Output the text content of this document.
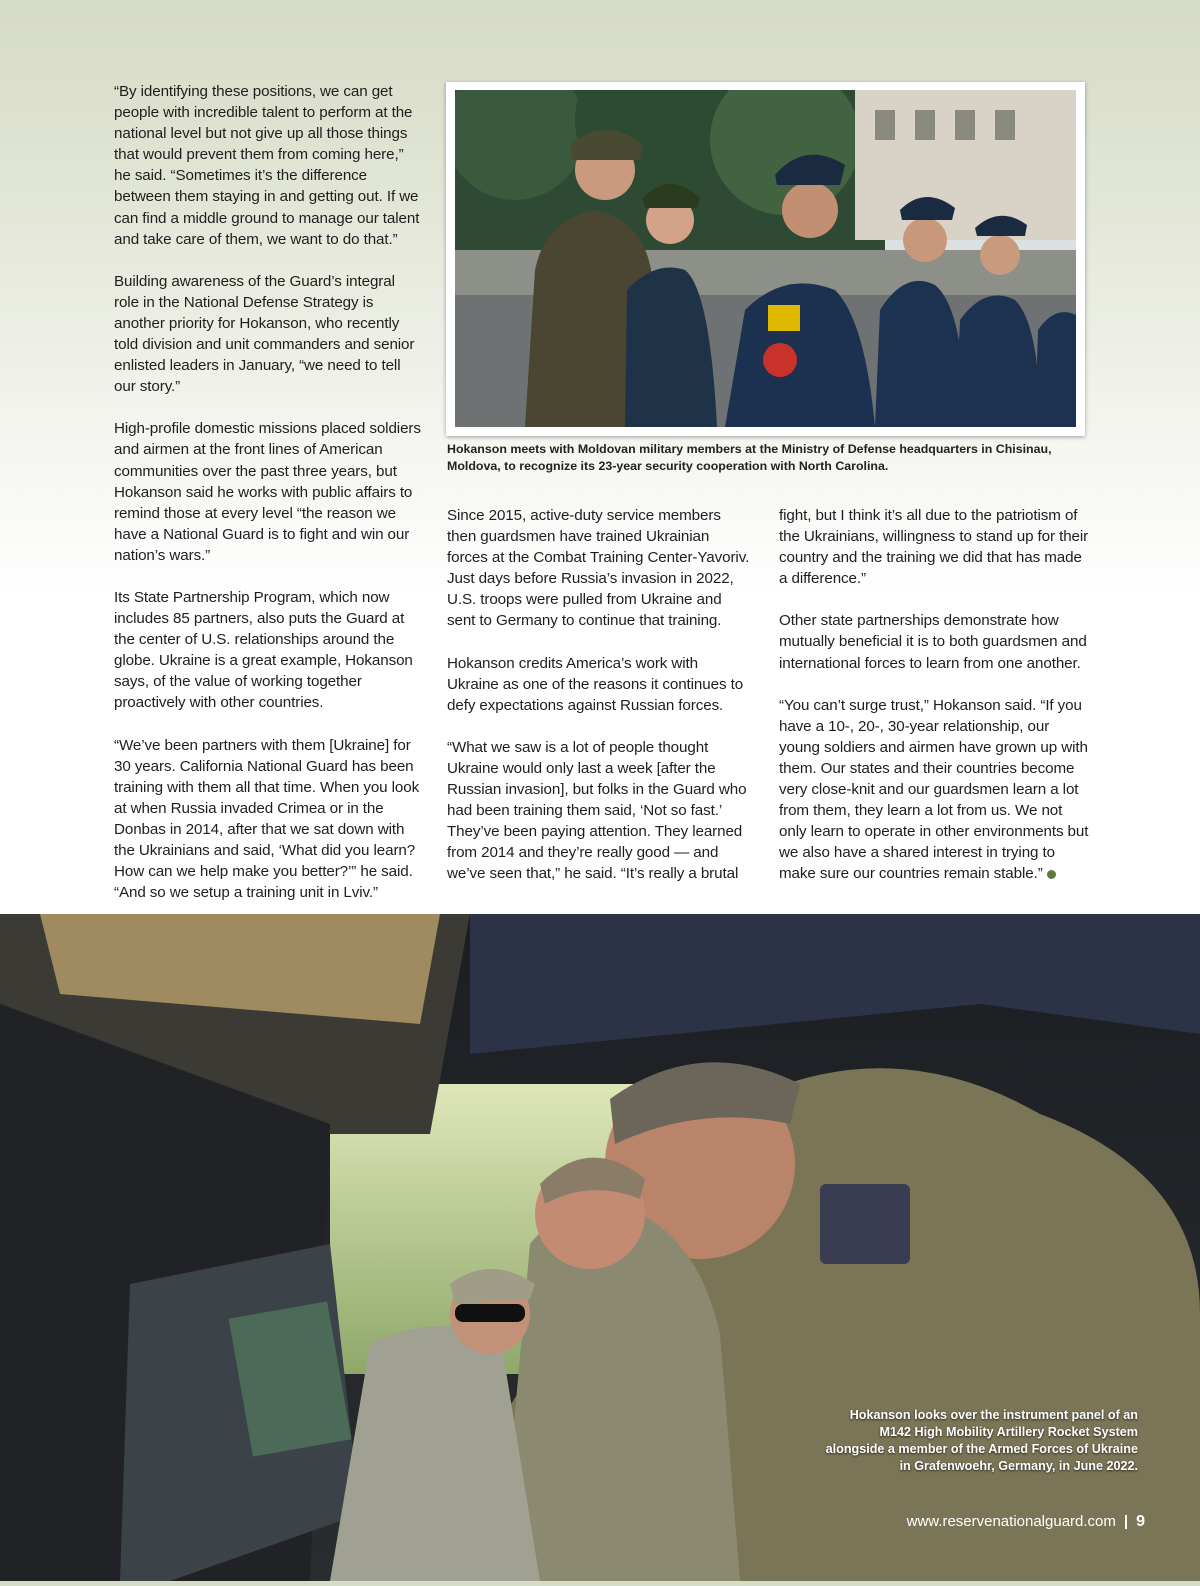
“By identifying these positions, we can get people with incredible talent to perform at the national level but not give up all those things that would prevent them from coming here,” he said. “Sometimes it’s the difference between them staying in and getting out. If we can find a middle ground to manage our talent and take care of them, we want to do that.”

Building awareness of the Guard’s integral role in the National Defense Strategy is another priority for Hokanson, who recently told division and unit commanders and senior enlisted leaders in January, “we need to tell our story.”

High-profile domestic missions placed soldiers and airmen at the front lines of American communities over the past three years, but Hokanson said he works with public affairs to remind those at every level “the reason we have a National Guard is to fight and win our nation’s wars.”

Its State Partnership Program, which now includes 85 partners, also puts the Guard at the center of U.S. relationships around the globe. Ukraine is a great example, Hokanson says, of the value of working together proactively with other countries.

“We’ve been partners with them [Ukraine] for 30 years. California National Guard has been training with them all that time. When you look at when Russia invaded Crimea or in the Donbas in 2014, after that we sat down with the Ukrainians and said, ‘What did you learn? How can we help make you better?’” he said. “And so we setup a training unit in Lviv.”

Hokanson meets with Moldovan military members at the Ministry of Defense headquarters in Chisinau, Moldova, to recognize its 23-year security cooperation with North Carolina.

Since 2015, active-duty service members then guardsmen have trained Ukrainian forces at the Combat Training Center-Yavoriv. Just days before Russia’s invasion in 2022, U.S. troops were pulled from Ukraine and sent to Germany to continue that training.

Hokanson credits America’s work with Ukraine as one of the reasons it continues to defy expectations against Russian forces.

“What we saw is a lot of people thought Ukraine would only last a week [after the Russian invasion], but folks in the Guard who had been training them said, ‘Not so fast.’ They’ve been paying attention. They learned from 2014 and they’re really good — and we’ve seen that,” he said. “It’s really a brutal

fight, but I think it’s all due to the patriotism of the Ukrainians, willingness to stand up for their country and the training we did that has made a difference.”

Other state partnerships demonstrate how mutually beneficial it is to both guardsmen and international forces to learn from one another.

“You can’t surge trust,” Hokanson said. “If you have a 10-, 20-, 30-year relationship, our young soldiers and airmen have grown up with them. Our states and their countries become very close-knit and our guardsmen learn a lot from them, they learn a lot from us. We not only learn to operate in other environments but we also have a shared interest in trying to make sure our countries remain stable.”

Hokanson looks over the instrument panel of an M142 High Mobility Artillery Rocket System alongside a member of the Armed Forces of Ukraine in Grafenwoehr, Germany, in June 2022.
www.reservenationalguard.com | 9
